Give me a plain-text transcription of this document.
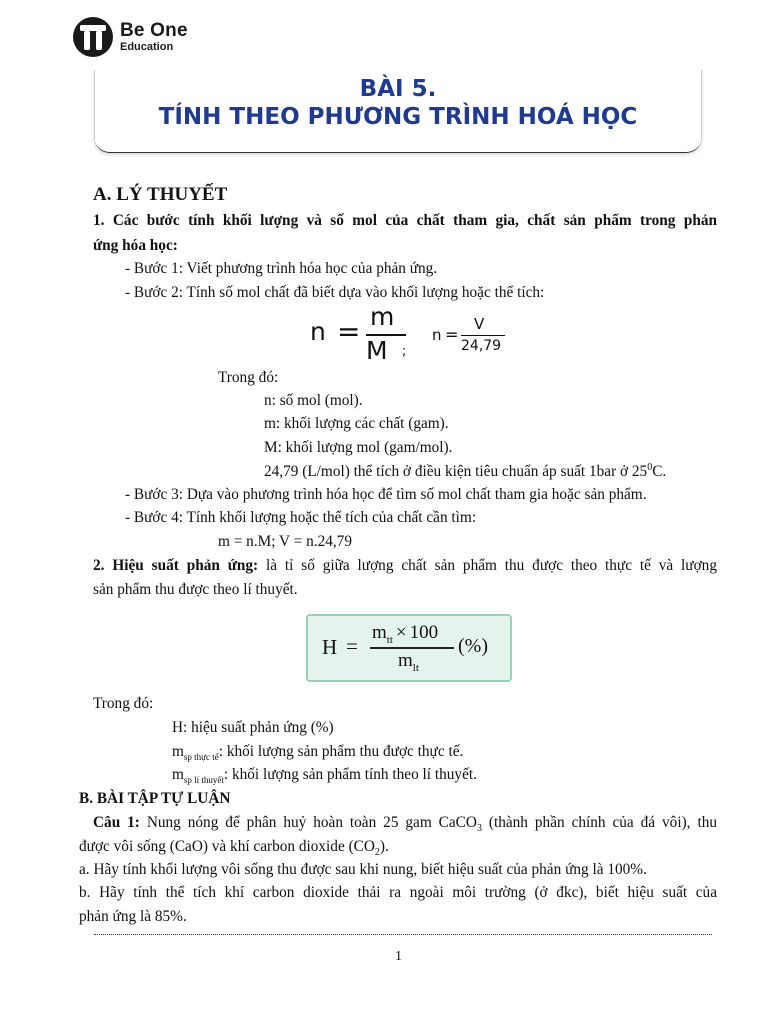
Be One
Education
BÀI 5.
TÍNH THEO PHƯƠNG TRÌNH HOÁ HỌC
A. LÝ THUYẾT
1. Các bước tính khối lượng và số mol của chất tham gia, chất sản phẩm trong phản
ứng hóa học:
- Bước 1: Viết phương trình hóa học của phản ứng.
- Bước 2: Tính số mol chất đã biết dựa vào khối lượng hoặc thể tích:
n = m
M ;
n =
V
24,79
Trong đó:
n: số mol (mol).
m: khối lượng các chất (gam).
M: khối lượng mol (gam/mol).
24,79 (L/mol) thể tích ở điều kiện tiêu chuẩn áp suất 1bar ở $25^0C$.
- Bước 3: Dựa vào phương trình hóa học để tìm số mol chất tham gia hoặc sản phẩm.
- Bước 4: Tính khối lượng hoặc thể tích của chất cần tìm:
m = n.M; V = n.24,79
2. Hiệu suất phản ứng: là tỉ số giữa lượng chất sản phẩm thu được theo thực tế và lượng
sản phẩm thu được theo lí thuyết.
H =
$m_{tt} \times 100$
$m_{lt}$
(%)
Trong đó:
H: hiệu suất phản ứng (%)
$m_{sp thực tế}$: khối lượng sản phẩm thu được thực tế.
$m_{sp lí thuyết}$: khối lượng sản phẩm tính theo lí thuyết.
B. BÀI TẬP TỰ LUẬN
Câu 1: Nung nóng để phân huỷ hoàn toàn 25 gam CaCO$_3$ (thành phần chính của đá vôi), thu
được vôi sống (CaO) và khí carbon dioxide $(CO_2)$.
a. Hãy tính khối lượng vôi sống thu được sau khi nung, biết hiệu suất của phản ứng là 100%.
b. Hãy tính thể tích khí carbon dioxide thải ra ngoài môi trường (ở đkc), biết hiệu suất của
phản ứng là 85%.
1
